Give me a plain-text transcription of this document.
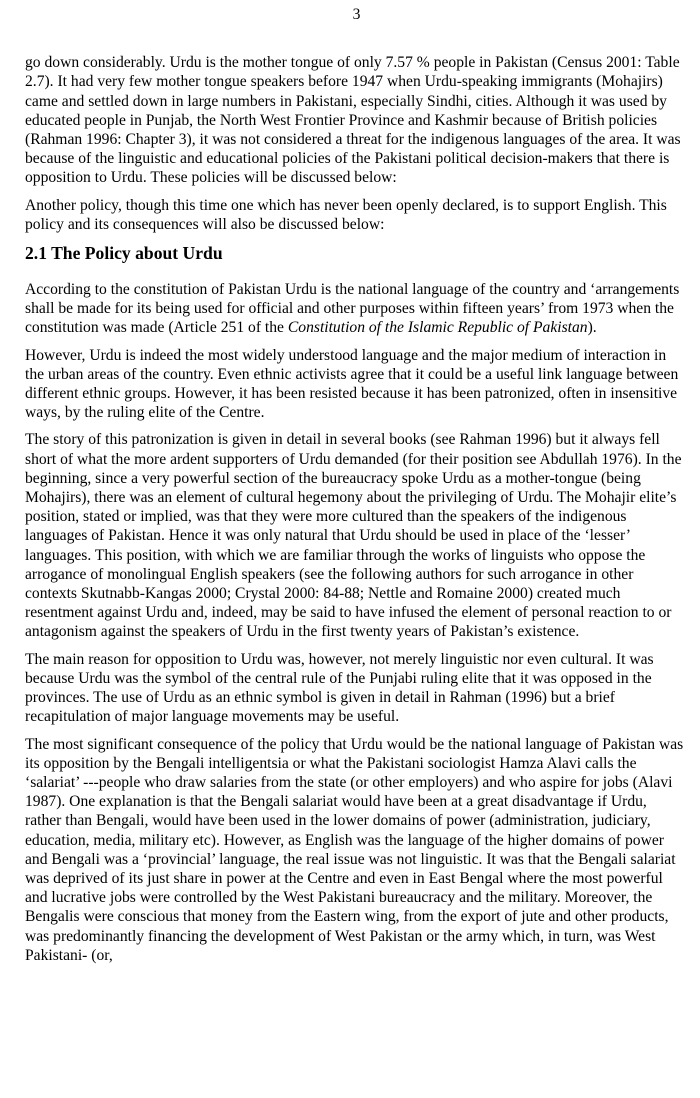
3

go down considerably. Urdu is the mother tongue of only 7.57 % people in Pakistan (Census 2001: Table 2.7). It had very few mother tongue speakers before 1947 when Urdu-speaking immigrants (Mohajirs) came and settled down in large numbers in Pakistani, especially Sindhi, cities. Although it was used by educated people in Punjab, the North West Frontier Province and Kashmir because of British policies (Rahman 1996: Chapter 3), it was not considered a threat for the indigenous languages of the area. It was because of the linguistic and educational policies of the Pakistani political decision-makers that there is opposition to Urdu. These policies will be discussed below:

Another policy, though this time one which has never been openly declared, is to support English. This policy and its consequences will also be discussed below:

2.1 The Policy about Urdu

According to the constitution of Pakistan Urdu is the national language of the country and ‘arrangements shall be made for its being used for official and other purposes within fifteen years’ from 1973 when the constitution was made (Article 251 of the Constitution of the Islamic Republic of Pakistan).

However, Urdu is indeed the most widely understood language and the major medium of interaction in the urban areas of the country. Even ethnic activists agree that it could be a useful link language between different ethnic groups. However, it has been resisted because it has been patronized, often in insensitive ways, by the ruling elite of the Centre.

The story of this patronization is given in detail in several books (see Rahman 1996) but it always fell short of what the more ardent supporters of Urdu demanded (for their position see Abdullah 1976). In the beginning, since a very powerful section of the bureaucracy spoke Urdu as a mother-tongue (being Mohajirs), there was an element of cultural hegemony about the privileging of Urdu. The Mohajir elite’s position, stated or implied, was that they were more cultured than the speakers of the indigenous languages of Pakistan. Hence it was only natural that Urdu should be used in place of the ‘lesser’ languages. This position, with which we are familiar through the works of linguists who oppose the arrogance of monolingual English speakers (see the following authors for such arrogance in other contexts Skutnabb-Kangas 2000; Crystal 2000: 84-88; Nettle and Romaine 2000) created much resentment against Urdu and, indeed, may be said to have infused the element of personal reaction to or antagonism against the speakers of Urdu in the first twenty years of Pakistan’s existence.

The main reason for opposition to Urdu was, however, not merely linguistic nor even cultural. It was because Urdu was the symbol of the central rule of the Punjabi ruling elite that it was opposed in the provinces. The use of Urdu as an ethnic symbol is given in detail in Rahman (1996) but a brief recapitulation of major language movements may be useful.

The most significant consequence of the policy that Urdu would be the national language of Pakistan was its opposition by the Bengali intelligentsia or what the Pakistani sociologist Hamza Alavi calls the ‘salariat’ ---people who draw salaries from the state (or other employers) and who aspire for jobs (Alavi 1987). One explanation is that the Bengali salariat would have been at a great disadvantage if Urdu, rather than Bengali, would have been used in the lower domains of power (administration, judiciary, education, media, military etc). However, as English was the language of the higher domains of power and Bengali was a ‘provincial’ language, the real issue was not linguistic. It was that the Bengali salariat was deprived of its just share in power at the Centre and even in East Bengal where the most powerful and lucrative jobs were controlled by the West Pakistani bureaucracy and the military. Moreover, the Bengalis were conscious that money from the Eastern wing, from the export of jute and other products, was predominantly financing the development of West Pakistan or the army which, in turn, was West Pakistani- (or,
